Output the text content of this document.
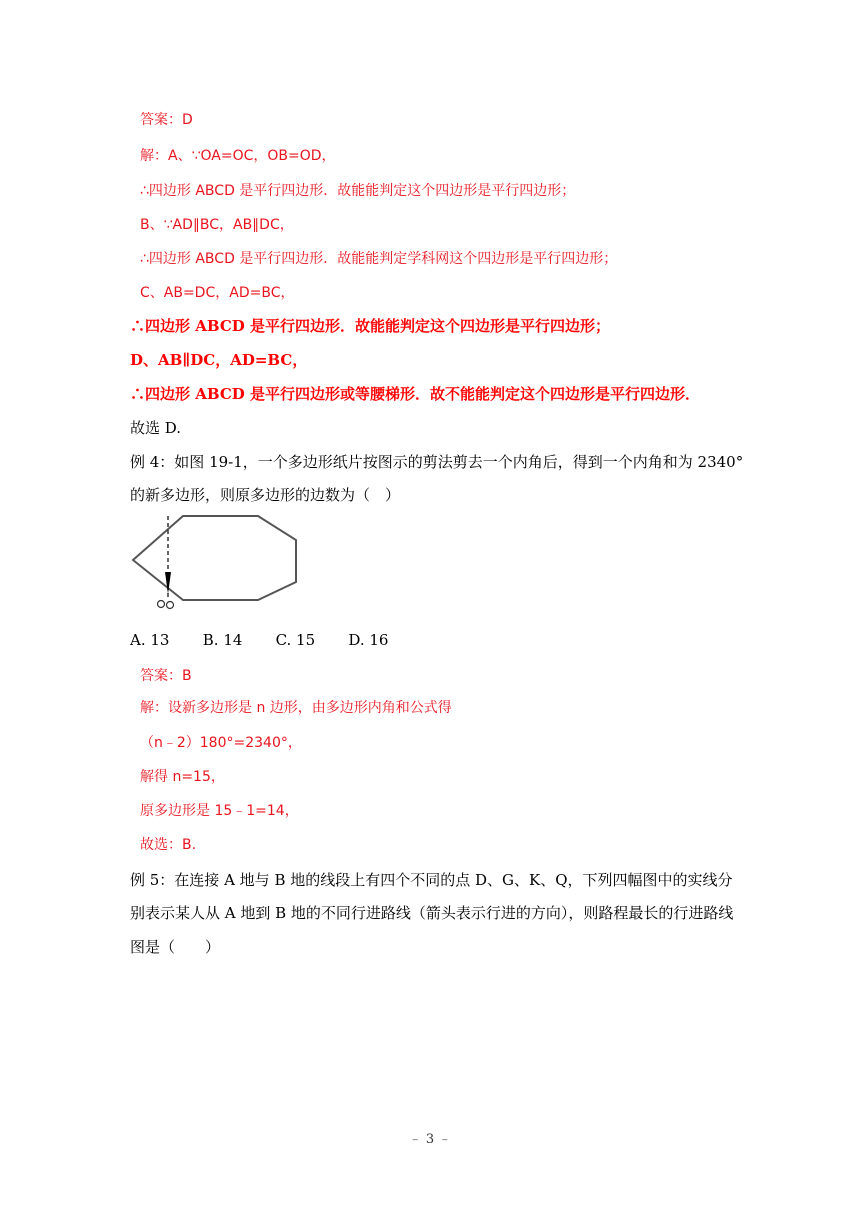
答案：D
解：A、∵OA=OC，OB=OD，
∴四边形 ABCD 是平行四边形．故能能判定这个四边形是平行四边形；
B、∵AD∥BC，AB∥DC，
∴四边形 ABCD 是平行四边形．故能能判定学科网这个四边形是平行四边形；
C、AB=DC，AD=BC，
∴四边形 ABCD 是平行四边形．故能能判定这个四边形是平行四边形；
D、AB∥DC，AD=BC，
∴四边形 ABCD 是平行四边形或等腰梯形．故不能能判定这个四边形是平行四边形．
故选 D.
例 4：如图 19-1，一个多边形纸片按图示的剪法剪去一个内角后，得到一个内角和为 2340°
的新多边形，则原多边形的边数为（　）
A. 13 B. 14 C. 15 D. 16
答案：B
解：设新多边形是 n 边形，由多边形内角和公式得
（n﹣2）180°=2340°，
解得 n=15，
原多边形是 15﹣1=14，
故选：B.
例 5：在连接 A 地与 B 地的线段上有四个不同的点 D、G、K、Q，下列四幅图中的实线分
别表示某人从 A 地到 B 地的不同行进路线（箭头表示行进的方向），则路程最长的行进路线
图是（　　）
﹣ 3 ﹣
